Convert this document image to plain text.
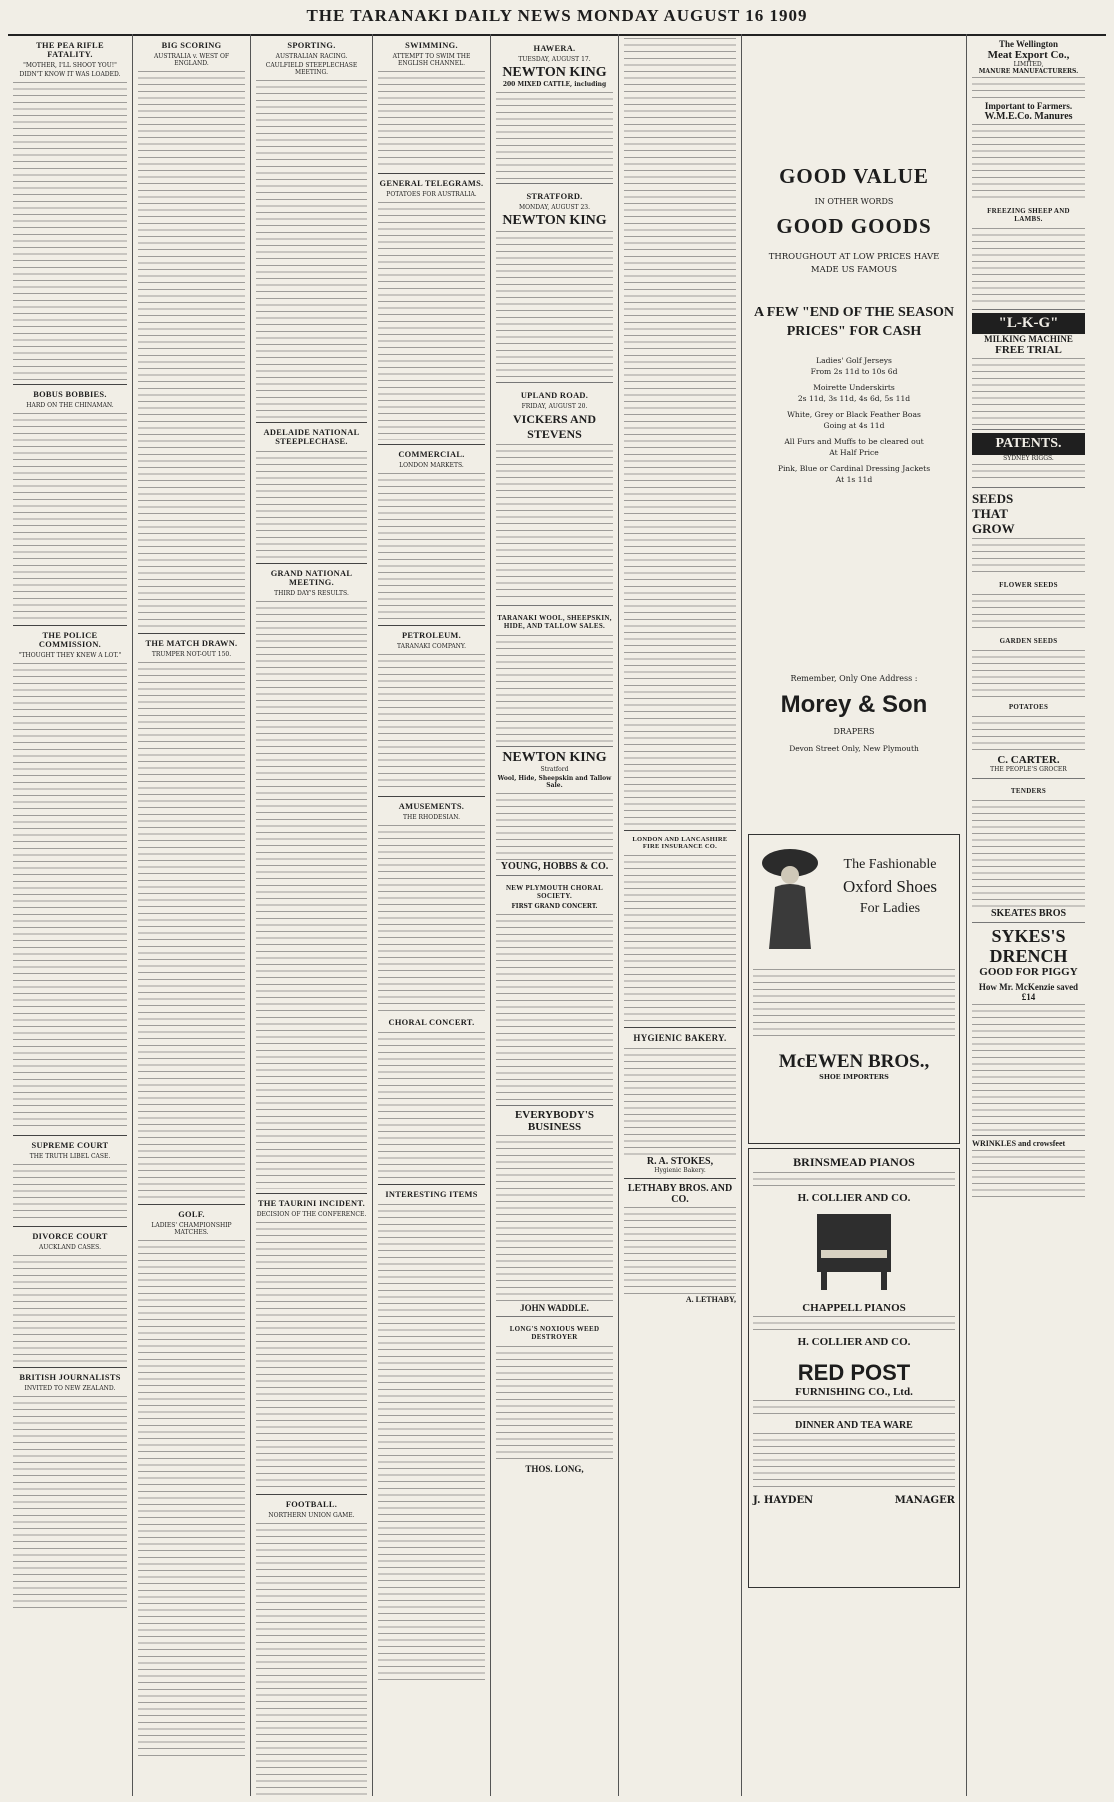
THE TARANAKI DAILY NEWS MONDAY AUGUST 16 1909
THE PEA RIFLE FATALITY.
"MOTHER, I'LL SHOOT YOU!"
DIDN'T KNOW IT WAS LOADED.
BOBUS BOBBIES.
HARD ON THE CHINAMAN.
THE POLICE COMMISSION.
"THOUGHT THEY KNEW A LOT."
SUPREME COURT
THE TRUTH LIBEL CASE.
DIVORCE COURT
AUCKLAND CASES.
BRITISH JOURNALISTS
INVITED TO NEW ZEALAND.
BIG SCORING
AUSTRALIA v. WEST OF ENGLAND.
THE MATCH DRAWN.
TRUMPER NOT-OUT 150.
GOLF.
LADIES' CHAMPIONSHIP MATCHES.
SPORTING.
AUSTRALIAN RACING.
CAULFIELD STEEPLECHASE MEETING.
ADELAIDE NATIONAL STEEPLECHASE.
GRAND NATIONAL MEETING.
THIRD DAY'S RESULTS.
THE TAURINI INCIDENT.
DECISION OF THE CONFERENCE.
FOOTBALL.
NORTHERN UNION GAME.
SWIMMING.
ATTEMPT TO SWIM THE ENGLISH CHANNEL.
GENERAL TELEGRAMS.
POTATOES FOR AUSTRALIA.
COMMERCIAL.
LONDON MARKETS.
PETROLEUM.
TARANAKI COMPANY.
AMUSEMENTS.
THE RHODESIAN.
CHORAL CONCERT.
INTERESTING ITEMS
HAWERA.
TUESDAY, AUGUST 17.
NEWTON KING
200 MIXED CATTLE, including
STRATFORD.
MONDAY, AUGUST 23.
NEWTON KING
UPLAND ROAD.
FRIDAY, AUGUST 20.
VICKERS AND STEVENS
TARANAKI WOOL, SHEEPSKIN, HIDE, AND TALLOW SALES.
NEWTON KING
Stratford
Wool, Hide, Sheepskin and Tallow Sale.
YOUNG, HOBBS & CO.
NEW PLYMOUTH CHORAL SOCIETY.
FIRST GRAND CONCERT.
EVERYBODY'S BUSINESS
JOHN WADDLE.
LONG'S NOXIOUS WEED DESTROYER
THOS. LONG,
LONDON AND LANCASHIRE FIRE INSURANCE CO.
HYGIENIC BAKERY.
R. A. STOKES,
Hygienic Bakery.
LETHABY BROS. AND CO.
A. LETHABY,
GOOD VALUE
IN OTHER WORDS
GOOD GOODS
THROUGHOUT AT LOW PRICES HAVE MADE US FAMOUS
A FEW "END OF THE SEASON PRICES" FOR CASH
Ladies' Golf Jerseys
From 2s 11d to 10s 6d
Moirette Underskirts
2s 11d, 3s 11d, 4s 6d, 5s 11d
White, Grey or Black Feather Boas
Going at 4s 11d
All Furs and Muffs to be cleared out
At Half Price
Pink, Blue or Cardinal Dressing Jackets
At 1s 11d
Remember, Only One Address :
Morey & Son
DRAPERS
Devon Street Only, New Plymouth
The Fashionable
Oxford Shoes
For Ladies
McEWEN BROS.,
SHOE IMPORTERS
BRINSMEAD PIANOS
H. COLLIER AND CO.
CHAPPELL PIANOS
H. COLLIER AND CO.
RED POST
FURNISHING CO., Ltd.
DINNER AND TEA WARE
J. HAYDEN	MANAGER
The Wellington
Meat Export Co.,
LIMITED,
MANURE MANUFACTURERS.
Important to Farmers.
W.M.E.Co. Manures
FREEZING SHEEP AND LAMBS.
"L-K-G"
MILKING MACHINE
FREE TRIAL
PATENTS.
SYDNEY RIGGS.
SEEDS THAT GROW
FLOWER SEEDS
GARDEN SEEDS
POTATOES
C. CARTER.
THE PEOPLE'S GROCER
TENDERS
SKEATES BROS
SYKES'S DRENCH
GOOD FOR PIGGY
How Mr. McKenzie saved £14
WRINKLES and crowsfeet
